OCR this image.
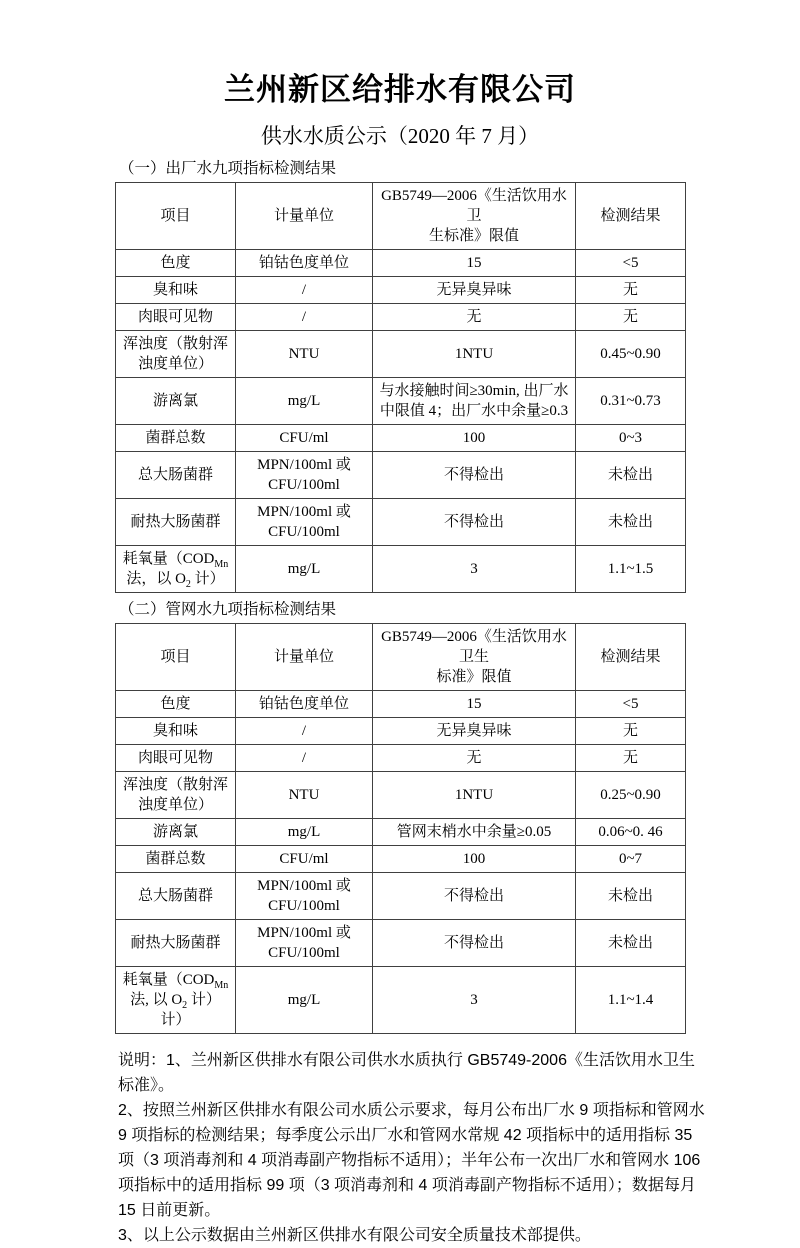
兰州新区给排水有限公司
供水水质公示（2020 年 7 月）

（一）出厂水九项指标检测结果

项目	计量单位	GB5749—2006《生活饮用水卫
生标准》限值	检测结果
色度	铂钴色度单位	15	<5
臭和味	/	无异臭异味	无
肉眼可见物	/	无	无
浑浊度（散射浑
浊度单位）	NTU	1NTU	0.45~0.90
游离氯	mg/L	与水接触时间≥30min, 出厂水
中限值 4；出厂水中余量≥0.3	0.31~0.73
菌群总数	CFU/ml	100	0~3
总大肠菌群	MPN/100ml 或
CFU/100ml	不得检出	未检出
耐热大肠菌群	MPN/100ml 或
CFU/100ml	不得检出	未检出
耗氧量（$COD_{Mn}$
法，以 $O_2$ 计）	mg/L	3	1.1~1.5

（二）管网水九项指标检测结果

项目	计量单位	GB5749—2006《生活饮用水卫生
标准》限值	检测结果
色度	铂钴色度单位	15	<5
臭和味	/	无异臭异味	无
肉眼可见物	/	无	无
浑浊度（散射浑
浊度单位）	NTU	1NTU	0.25~0.90
游离氯	mg/L	管网末梢水中余量≥0.05	0.06~0. 46
菌群总数	CFU/ml	100	0~7
总大肠菌群	MPN/100ml 或
CFU/100ml	不得检出	未检出
耐热大肠菌群	MPN/100ml 或
CFU/100ml	不得检出	未检出
耗氧量（$COD_{Mn}$
法, 以 $O_2$ 计）计）	mg/L	3	1.1~1.4

说明：1、兰州新区供排水有限公司供水水质执行 GB5749-2006《生活饮用水卫生标准》。

2、按照兰州新区供排水有限公司水质公示要求，每月公布出厂水 9 项指标和管网水 9 项指标的检测结果；每季度公示出厂水和管网水常规 42 项指标中的适用指标 35 项（3 项消毒剂和 4 项消毒副产物指标不适用）；半年公布一次出厂水和管网水 106 项指标中的适用指标 99 项（3 项消毒剂和 4 项消毒副产物指标不适用）；数据每月 15 日前更新。

3、以上公示数据由兰州新区供排水有限公司安全质量技术部提供。
